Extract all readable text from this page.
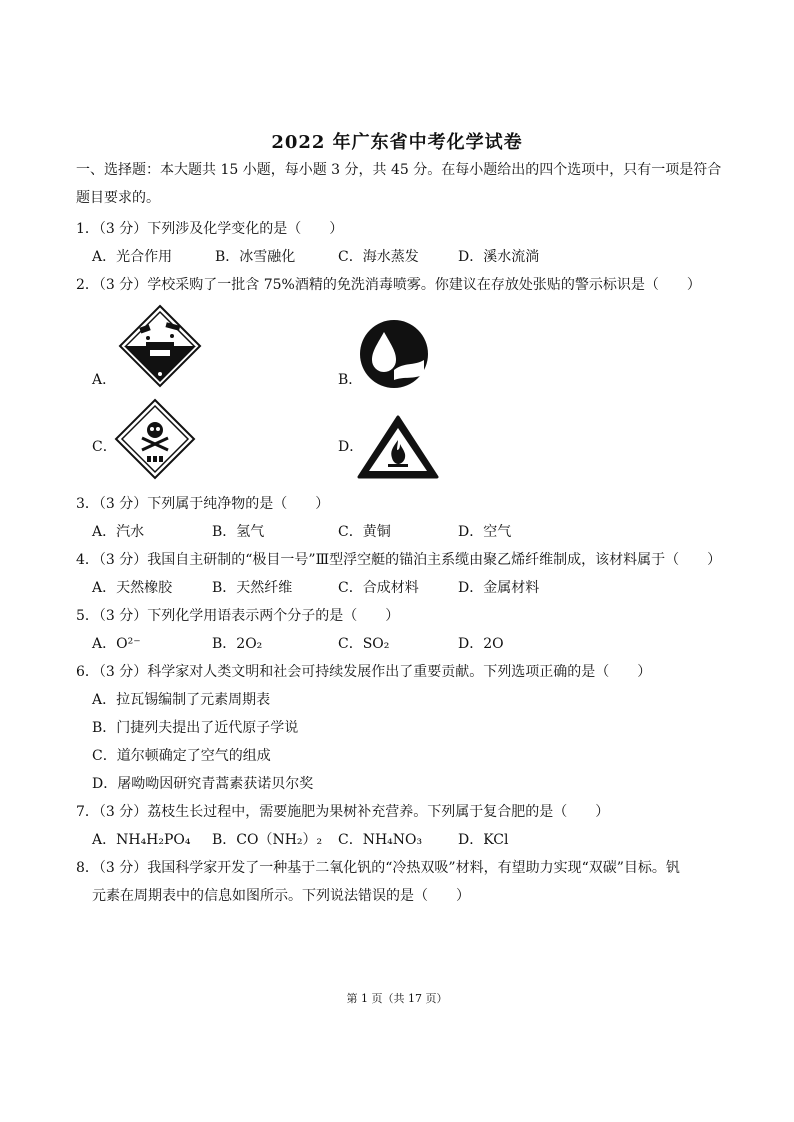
2022 年广东省中考化学试卷
一、选择题：本大题共 15 小题，每小题 3 分，共 45 分。在每小题给出的四个选项中，只有一项是符合
题目要求的。
1．（3 分）下列涉及化学变化的是（　　）
A．光合作用	B．冰雪融化	C．海水蒸发	D．溪水流淌
2．（3 分）学校采购了一批含 75%酒精的免洗消毒喷雾。你建议在存放处张贴的警示标识是（　　）
A．	B．
C．	D．
3．（3 分）下列属于纯净物的是（　　）
A．汽水	B．氢气	C．黄铜	D．空气
4．（3 分）我国自主研制的“极目一号”Ⅲ型浮空艇的锚泊主系缆由聚乙烯纤维制成，该材料属于（　　）
A．天然橡胶	B．天然纤维	C．合成材料	D．金属材料
5．（3 分）下列化学用语表示两个分子的是（　　）
A．O²⁻	B．2O₂	C．SO₂	D．2O
6．（3 分）科学家对人类文明和社会可持续发展作出了重要贡献。下列选项正确的是（　　）
A．拉瓦锡编制了元素周期表
B．门捷列夫提出了近代原子学说
C．道尔顿确定了空气的组成
D．屠呦呦因研究青蒿素获诺贝尔奖
7．（3 分）荔枝生长过程中，需要施肥为果树补充营养。下列属于复合肥的是（　　）
A．NH₄H₂PO₄ B．CO（NH₂）₂ C．NH₄NO₃	D．KCl
8．（3 分）我国科学家开发了一种基于二氧化钒的“冷热双吸”材料，有望助力实现“双碳”目标。钒
元素在周期表中的信息如图所示。下列说法错误的是（　　）
第 1 页（共 17 页）
